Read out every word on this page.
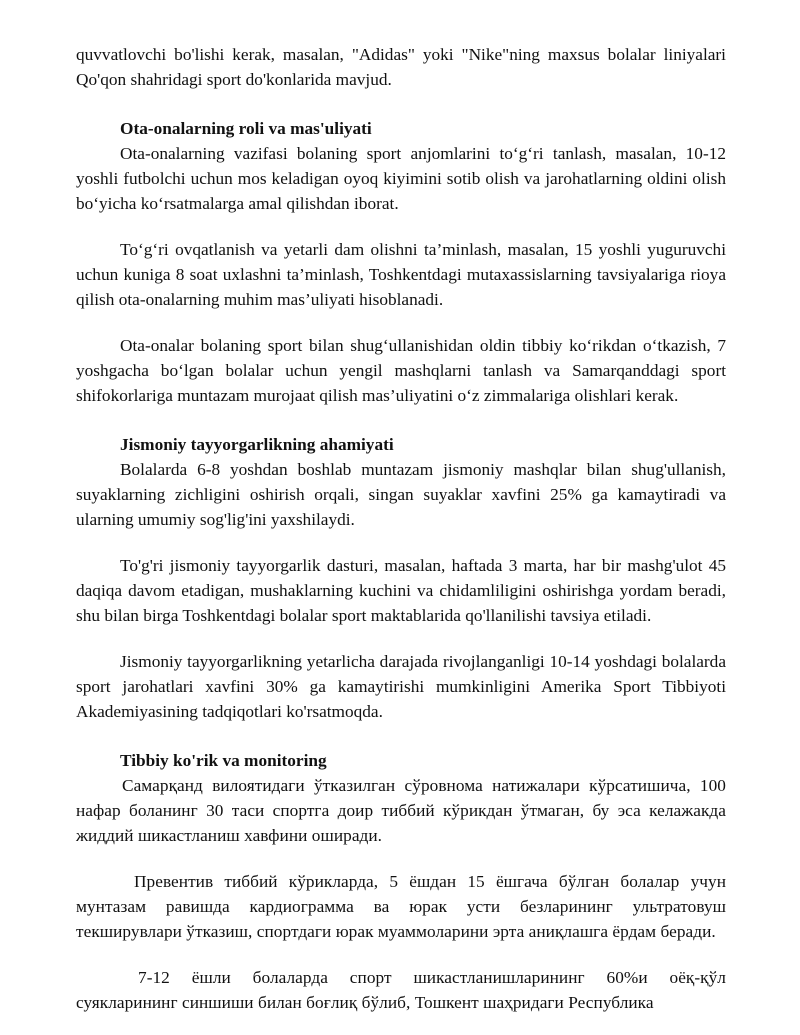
quvvatlovchi bo'lishi kerak, masalan, "Adidas" yoki "Nike"ning maxsus bolalar liniyalari Qo'qon shahridagi sport do'konlarida mavjud.

Ota-onalarning roli va mas'uliyati

Ota-onalarning vazifasi bolaning sport anjomlarini to‘g‘ri tanlash, masalan, 10-12 yoshli futbolchi uchun mos keladigan oyoq kiyimini sotib olish va jarohatlarning oldini olish bo‘yicha ko‘rsatmalarga amal qilishdan iborat.

To‘g‘ri ovqatlanish va yetarli dam olishni ta’minlash, masalan, 15 yoshli yuguruvchi uchun kuniga 8 soat uxlashni ta’minlash, Toshkentdagi mutaxassislarning tavsiyalariga rioya qilish ota-onalarning muhim mas’uliyati hisoblanadi.

Ota-onalar bolaning sport bilan shug‘ullanishidan oldin tibbiy ko‘rikdan o‘tkazish, 7 yoshgacha bo‘lgan bolalar uchun yengil mashqlarni tanlash va Samarqanddagi sport shifokorlariga muntazam murojaat qilish mas’uliyatini o‘z zimmalariga olishlari kerak.

Jismoniy tayyorgarlikning ahamiyati

Bolalarda 6-8 yoshdan boshlab muntazam jismoniy mashqlar bilan shug'ullanish, suyaklarning zichligini oshirish orqali, singan suyaklar xavfini 25% ga kamaytiradi va ularning umumiy sog'lig'ini yaxshilaydi.

To'g'ri jismoniy tayyorgarlik dasturi, masalan, haftada 3 marta, har bir mashg'ulot 45 daqiqa davom etadigan, mushaklarning kuchini va chidamliligini oshirishga yordam beradi, shu bilan birga Toshkentdagi bolalar sport maktablarida qo'llanilishi tavsiya etiladi.

Jismoniy tayyorgarlikning yetarlicha darajada rivojlanganligi 10-14 yoshdagi bolalarda sport jarohatlari xavfini 30% ga kamaytirishi mumkinligini Amerika Sport Tibbiyoti Akademiyasining tadqiqotlari ko'rsatmoqda.

Tibbiy ko'rik va monitoring

Самарқанд вилоятидаги ўтказилган сўровнома натижалари кўрсатишича, 100 нафар боланинг 30 таси спортга доир тиббий кўрикдан ўтмаган, бу эса келажакда жиддий шикастланиш хавфини оширади.

Превентив тиббий кўрикларда, 5 ёшдан 15 ёшгача бўлган болалар учун мунтазам равишда кардиограмма ва юрак усти безларининг ультратовуш текширувлари ўтказиш, спортдаги юрак муаммоларини эрта аниқлашга ёрдам беради.

7-12 ёшли болаларда спорт шикастланишларининг 60%и оёқ-қўл суякларининг синшиши билан боғлиқ бўлиб, Тошкент шаҳридаги Республика
